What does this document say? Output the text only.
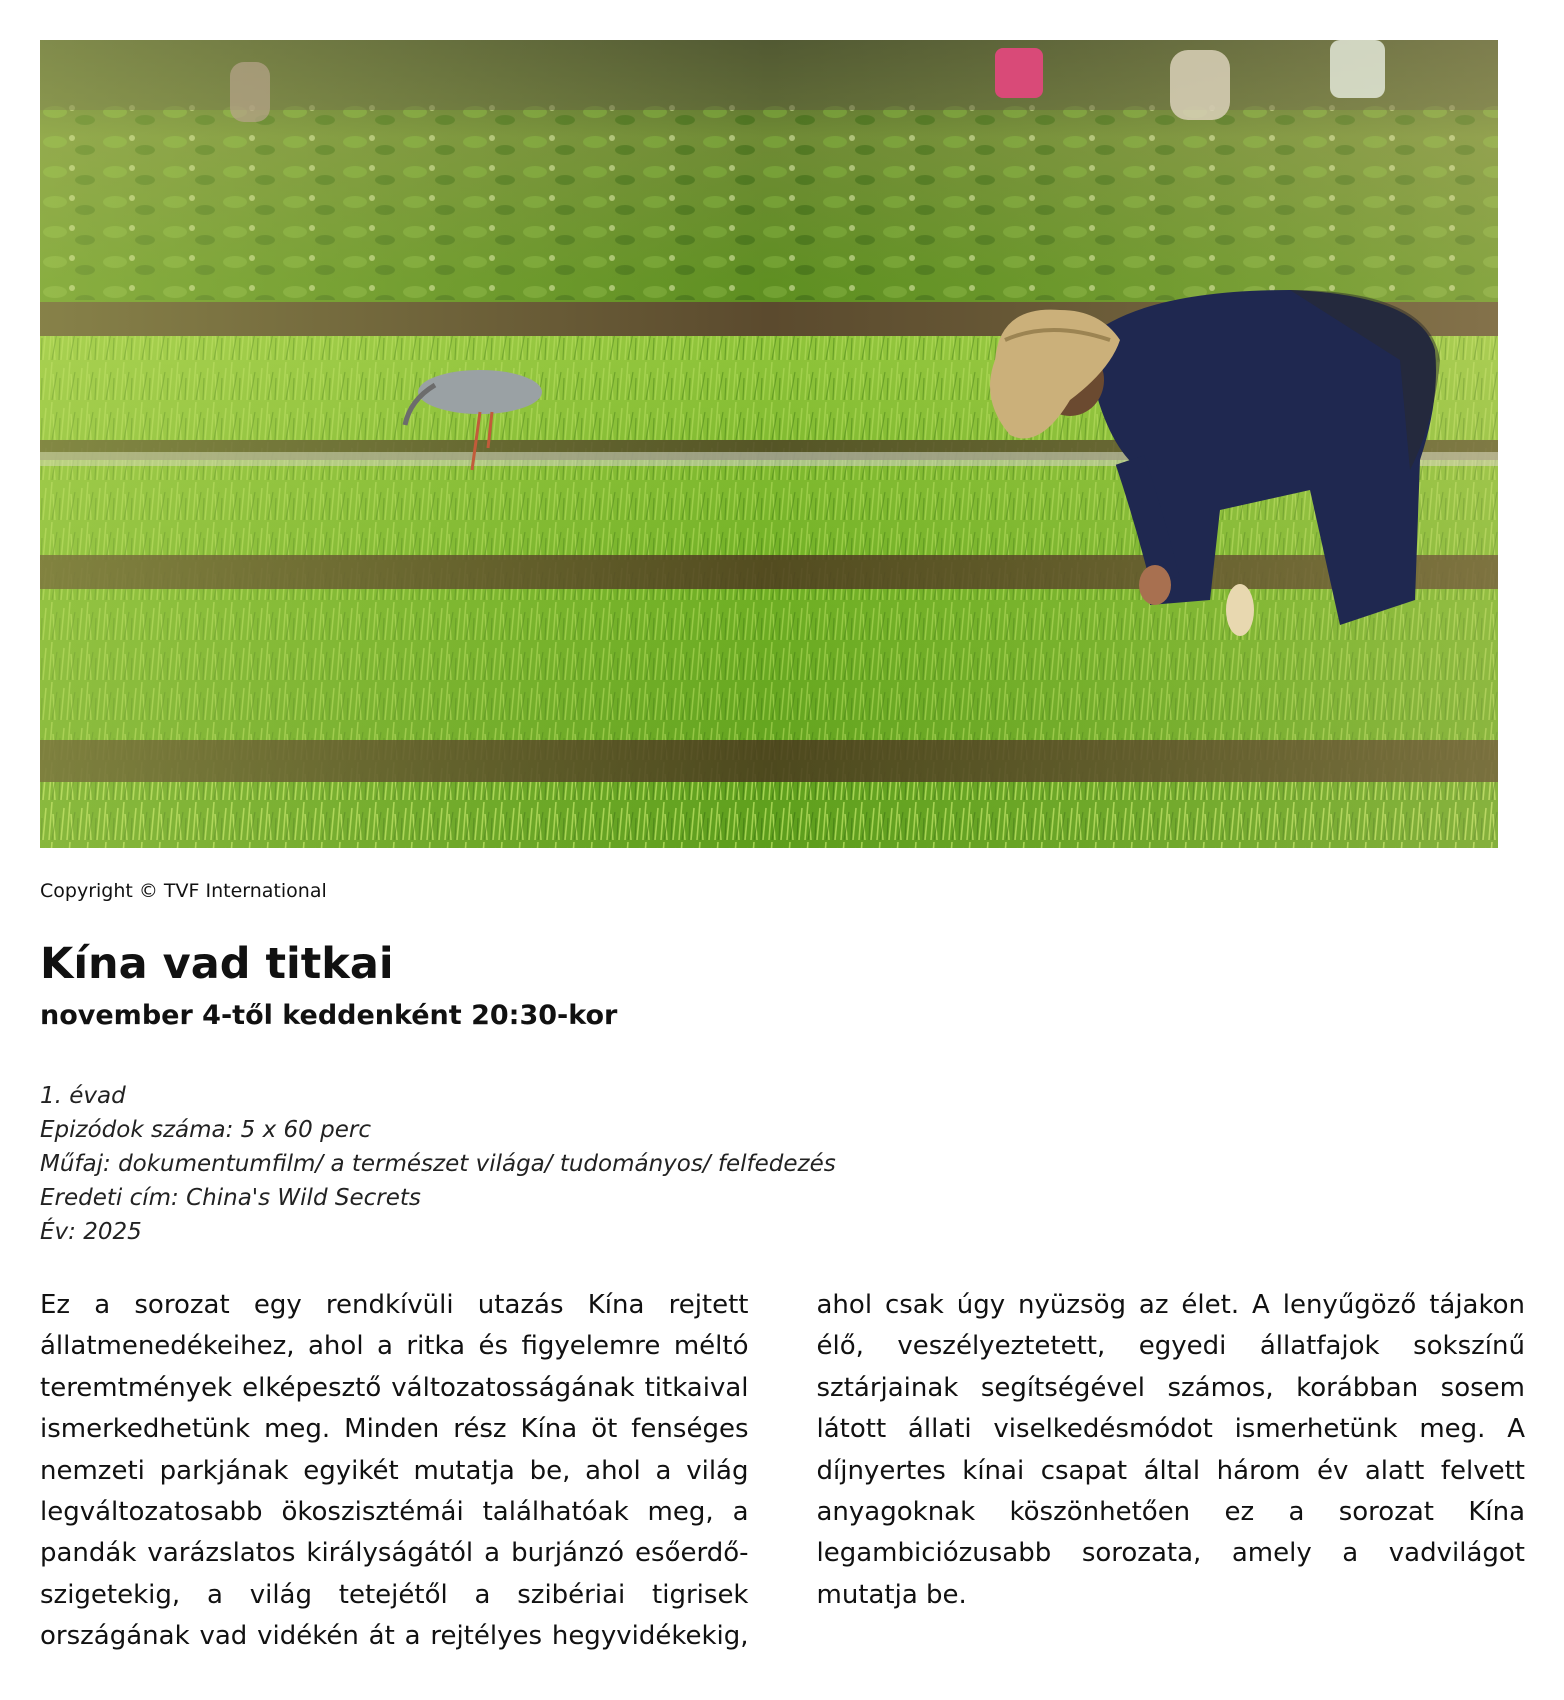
Copyright © TVF International
Kína vad titkai
november 4-től keddenként 20:30-kor
1. évad
Epizódok száma: 5 x 60 perc
Műfaj: dokumentumfilm/ a természet világa/ tudományos/ felfedezés
Eredeti cím: China's Wild Secrets
Év: 2025

Ez a sorozat egy rendkívüli utazás Kína rejtett állatmenedékeihez, ahol a ritka és figyelemre méltó teremtmények elképesztő változatosságának titkaival ismerkedhetünk meg. Minden rész Kína öt fenséges nemzeti parkjának egyikét mutatja be, ahol a világ legváltozatosabb ökoszisztémái találhatóak meg, a pandák varázslatos királyságától a burjánzó esőerdő-szigetekig, a világ tetejétől a szibériai tigrisek országának vad vidékén át a rejtélyes hegyvidékekig, ahol csak úgy nyüzsög az élet. A lenyűgöző tájakon élő, veszélyeztetett, egyedi állatfajok sokszínű sztárjainak segítségével számos, korábban sosem látott állati viselkedésmódot ismerhetünk meg. A díjnyertes kínai csapat által három év alatt felvett anyagoknak köszönhetően ez a sorozat Kína legambiciózusabb sorozata, amely a vadvilágot mutatja be.
